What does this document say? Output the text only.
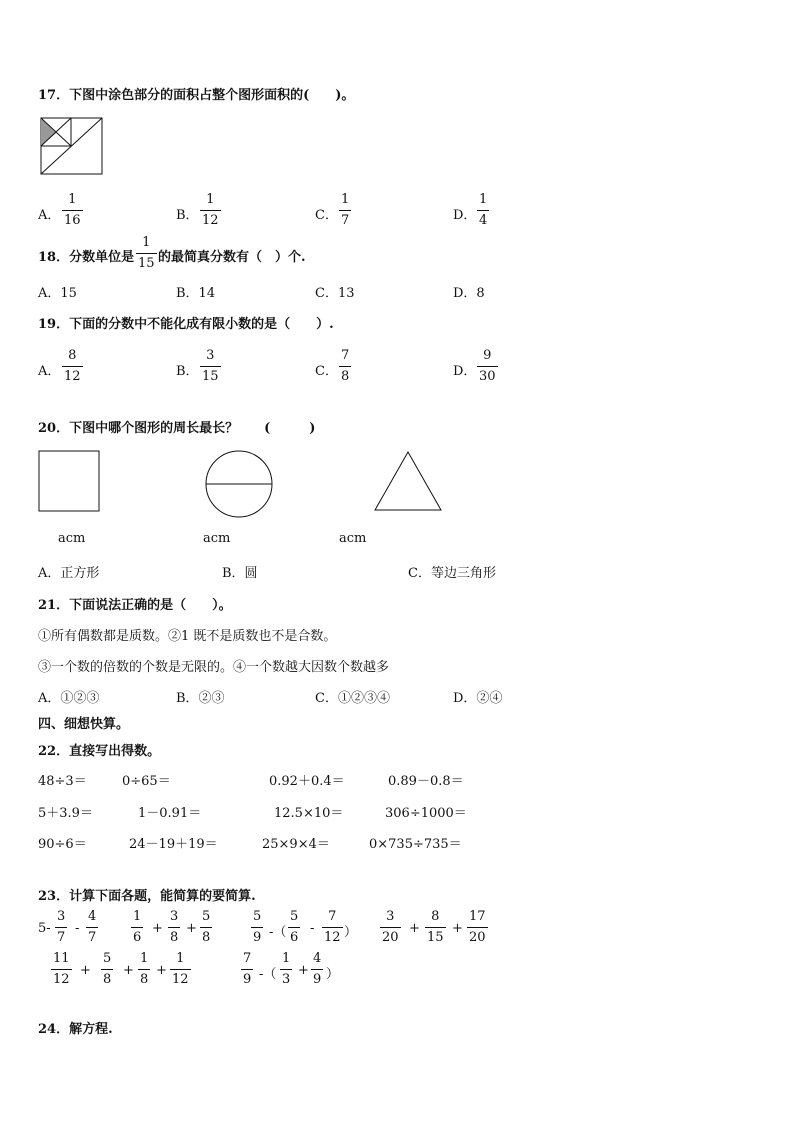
17．下图中涂色部分的面积占整个图形面积的(　　)。
A．
1
16	B．
1
12	C．
1
7	D．
1
4
18．分数单位是
1
15 的最简真分数有（　）个.
A．15	B．14	C．13	D．8
19．下面的分数中不能化成有限小数的是（　　）.
A．
8
12	B．
3
15	C．
7
8	D．
9
30
20．下图中哪个图形的周长最长？　　(　　　)
acm	acm	acm
A．正方形	B．圆	C．等边三角形
21．下面说法正确的是（　　）。
①所有偶数都是质数。②1 既不是质数也不是合数。
③一个数的倍数的个数是无限的。④一个数越大因数个数越多
A．①②③	B．②③	C．①②③④	D．②④
四、细想快算。
22．直接写出得数。
48÷3＝	0÷65＝	0.92＋0.4＝	0.89－0.8＝
5＋3.9＝	1－0.91＝	12.5×10＝	306÷1000＝
90÷6＝	24－19＋19＝	25×9×4＝	0×735÷735＝
23．计算下面各题，能简算的要简算.
5-
3
7
-
4
7
1
6
+
3
8
+
5
8
5
9 -（
5
6
-
7
12 ）
3
20
+
8
15
+
17
20
11
12
+
5
8
+
1
8
+
1
12
7
9 -（
1
3
+
4
9 ）
24．解方程.
